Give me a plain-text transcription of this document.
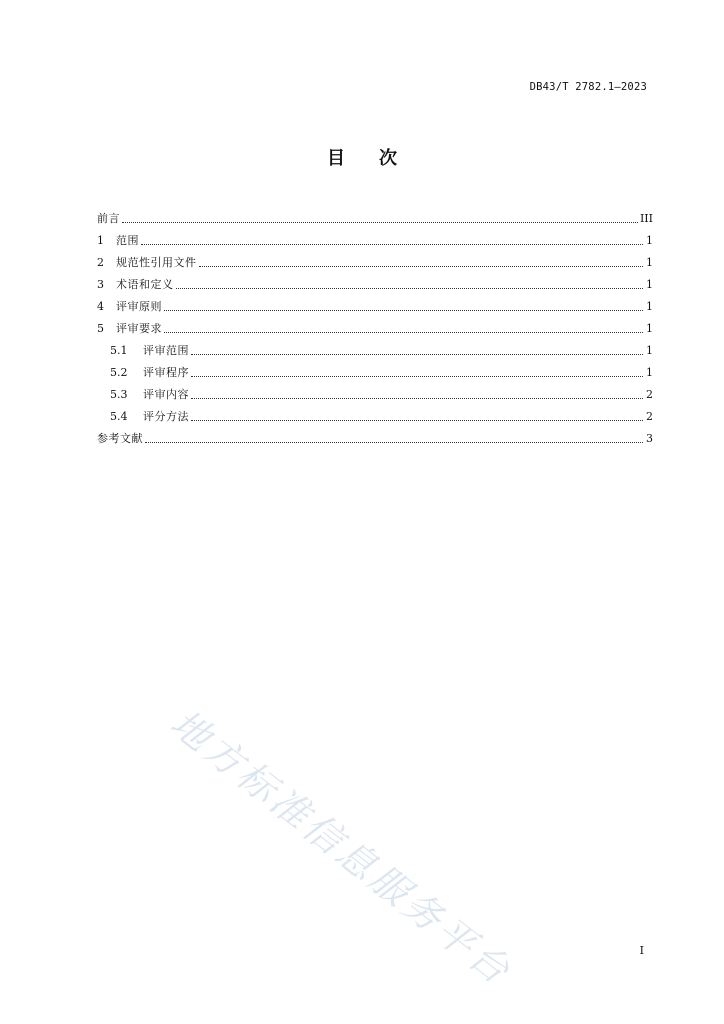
DB43/T 2782.1—2023
目次
前言	III
1	范围	1
2	规范性引用文件	1
3	术语和定义	1
4	评审原则	1
5	评审要求	1
5.1	评审范围	1
5.2	评审程序	1
5.3	评审内容	2
5.4	评分方法	2
参考文献	3
地方标准信息服务平台	I
